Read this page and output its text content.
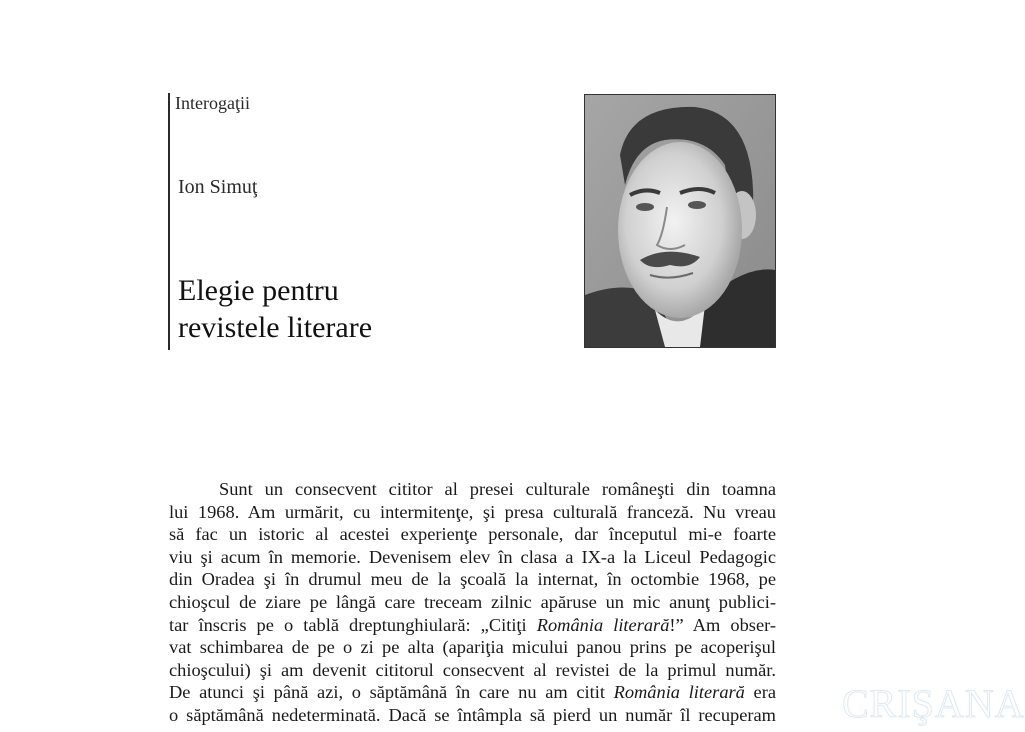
Interogaţii
Ion Simuţ
Elegie pentru
revistele literare
Sunt un consecvent cititor al presei culturale româneşti din toamna
lui 1968. Am urmărit, cu intermitenţe, şi presa culturală franceză. Nu vreau
să fac un istoric al acestei experienţe personale, dar începutul mi-e foarte
viu şi acum în memorie. Devenisem elev în clasa a IX-a la Liceul Pedagogic
din Oradea şi în drumul meu de la şcoală la internat, în octombie 1968, pe
chioşcul de ziare pe lângă care treceam zilnic apăruse un mic anunţ publici-
tar înscris pe o tablă dreptunghiulară: „Citiţi România literară!” Am obser-
vat schimbarea de pe o zi pe alta (apariţia micului panou prins pe acoperişul
chioşcului) şi am devenit cititorul consecvent al revistei de la primul număr.
De atunci şi până azi, o săptămână în care nu am citit România literară era
o săptămână nedeterminată. Dacă se întâmpla să pierd un număr îl recuperam CRIŞANA
